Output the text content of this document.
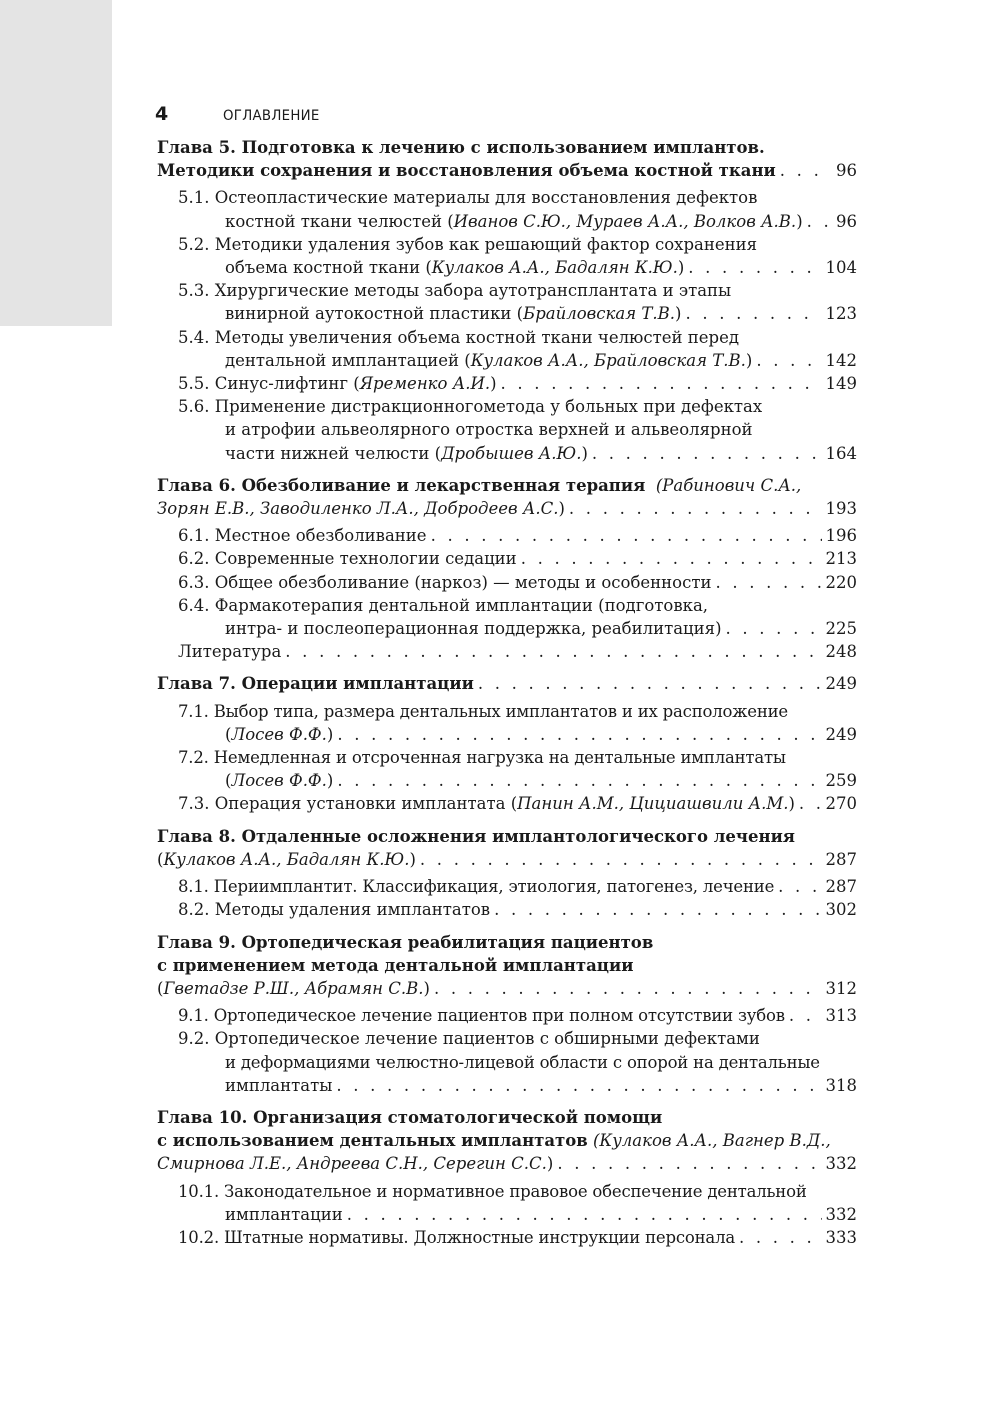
4	ОГЛАВЛЕНИЕ
Глава 5. Подготовка к лечению с использованием имплантов.
Методики сохранения и восстановления объема костной ткани . . .	96
5.1. Остеопластические материалы для восстановления дефектов
костной ткани челюстей (Иванов С.Ю., Мураев А.А., Волков А.В.) . . . 96
5.2. Методики удаления зубов как решающий фактор сохранения
объема костной ткани (Кулаков А.А., Бадалян К.Ю.) . . .	104
5.3. Хирургические методы забора аутотрансплантата и этапы
винирной аутокостной пластики (Брайловская Т.В.) . . .	123
5.4. Методы увеличения объема костной ткани челюстей перед
дентальной имплантацией (Кулаков А.А., Брайловская Т.В.) . . .	142
5.5. Синус-лифтинг (Яременко А.И.) . . .	149
5.6. Применение дистракционногометода у больных при дефектах
и атрофии альвеолярного отростка верхней и альвеолярной
части нижней челюсти (Дробышев А.Ю.) . . .	164
Глава 6. Обезболивание и лекарственная терапия (Рабинович С.А.,
Зорян Е.В., Заводиленко Л.А., Добродеев А.С.) . . .	193
6.1. Местное обезболивание . . .	196
6.2. Современные технологии седации . . .	213
6.3. Общее обезболивание (наркоз) — методы и особенности . . .	220
6.4. Фармакотерапия дентальной имплантации (подготовка,
интра- и послеоперационная поддержка, реабилитация) . . .	225
Литература . . .	248
Глава 7. Операции имплантации . . .	249
7.1. Выбор типа, размера дентальных имплантатов и их расположение
(Лосев Ф.Ф.) . . .	249
7.2. Немедленная и отсроченная нагрузка на дентальные имплантаты
(Лосев Ф.Ф.) . . .	259
7.3. Операция установки имплантата (Панин А.М., Цициашвили А.М.) . . . 270
Глава 8. Отдаленные осложнения имплантологического лечения
(Кулаков А.А., Бадалян К.Ю.) . . .	287
8.1. Периимплантит. Классификация, этиология, патогенез, лечение . . .	287
8.2. Методы удаления имплантатов . . .	302
Глава 9. Ортопедическая реабилитация пациентов
с применением метода дентальной имплантации
(Гветадзе Р.Ш., Абрамян С.В.) . . .	312
9.1. Ортопедическое лечение пациентов при полном отсутствии зубов . . . 313
9.2. Ортопедическое лечение пациентов с обширными дефектами
и деформациями челюстно-лицевой области с опорой на дентальные
имплантаты . . .	318
Глава 10. Организация стоматологической помощи
с использованием дентальных имплантатов (Кулаков А.А., Вагнер В.Д.,
Смирнова Л.Е., Андреева С.Н., Серегин С.С.) . . .	332
10.1. Законодательное и нормативное правовое обеспечение дентальной
имплантации . . .	332
10.2. Штатные нормативы. Должностные инструкции персонала . . .	333
